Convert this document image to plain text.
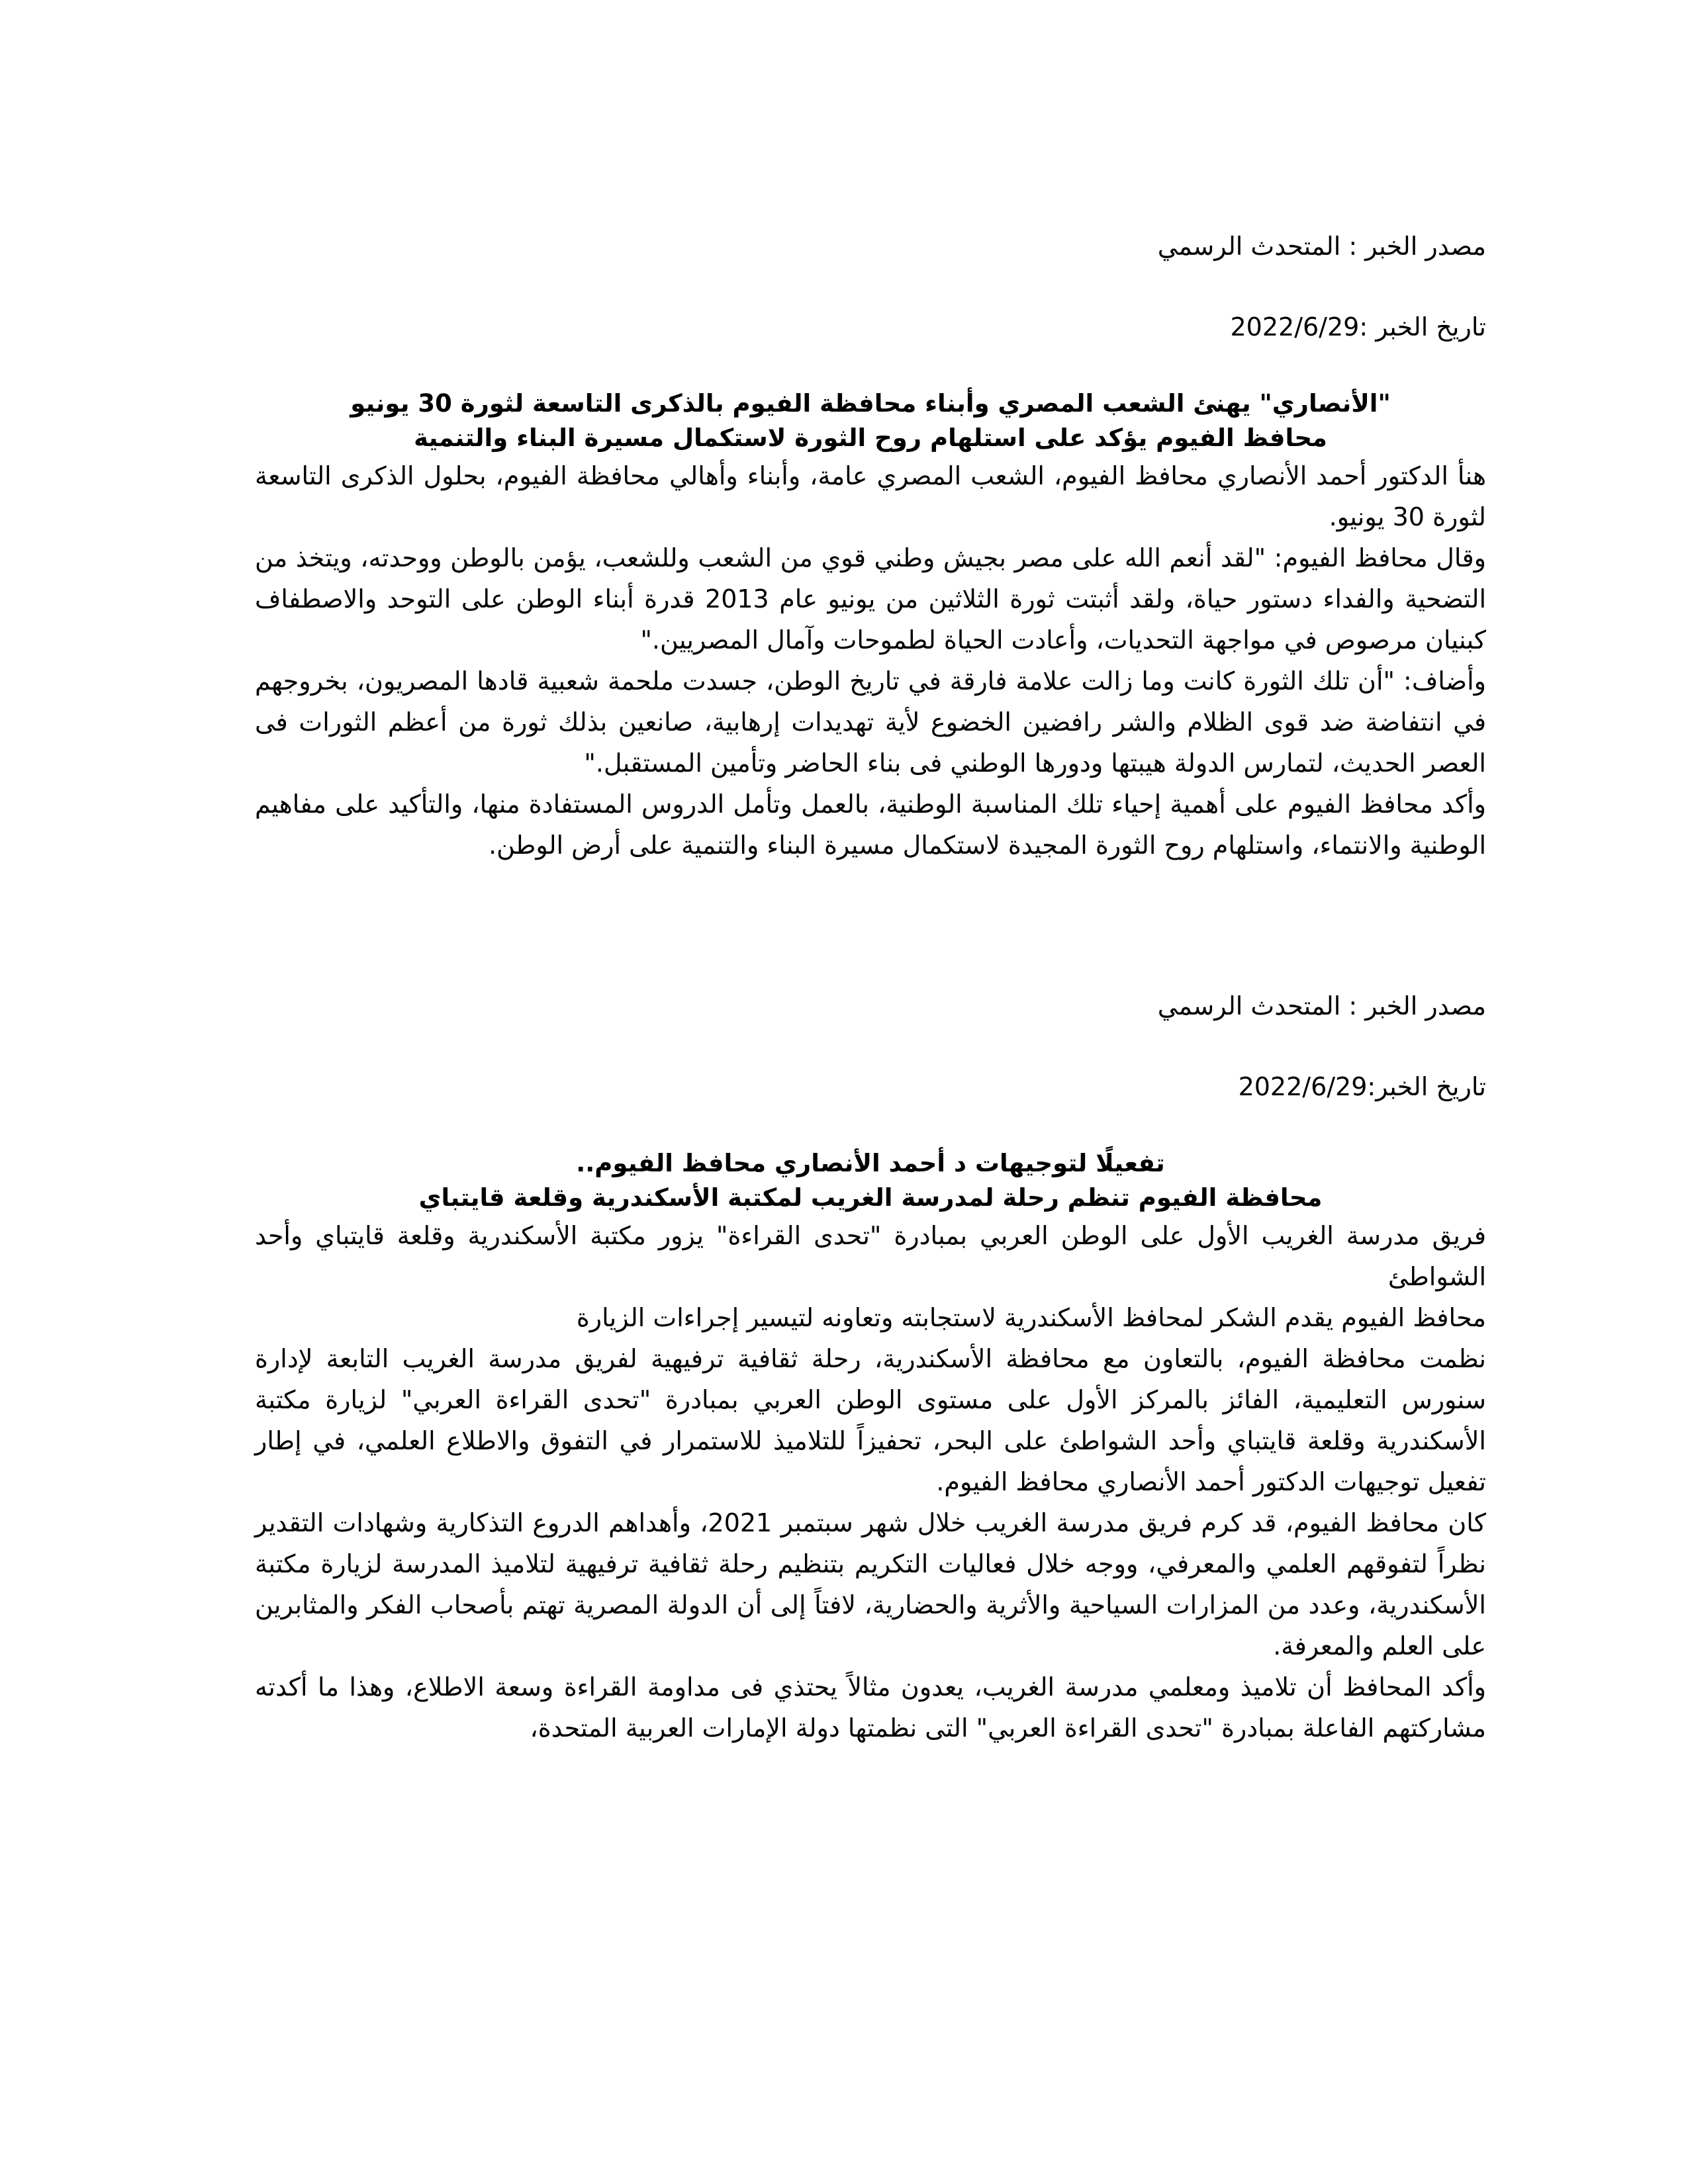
مصدر الخبر : المتحدث الرسمي

تاريخ الخبر :2022/6/29

"الأنصاري" يهنئ الشعب المصري وأبناء محافظة الفيوم بالذكرى التاسعة لثورة 30 يونيو

محافظ الفيوم يؤكد على استلهام روح الثورة لاستكمال مسيرة البناء والتنمية

هنأ الدكتور أحمد الأنصاري محافظ الفيوم، الشعب المصري عامة، وأبناء وأهالي محافظة الفيوم، بحلول الذكرى التاسعة لثورة 30 يونيو.

وقال محافظ الفيوم: "لقد أنعم الله على مصر بجيش وطني قوي من الشعب وللشعب، يؤمن بالوطن ووحدته، ويتخذ من التضحية والفداء دستور حياة، ولقد أثبتت ثورة الثلاثين من يونيو عام 2013 قدرة أبناء الوطن على التوحد والاصطفاف كبنيان مرصوص في مواجهة التحديات، وأعادت الحياة لطموحات وآمال المصريين."

وأضاف: "أن تلك الثورة كانت وما زالت علامة فارقة في تاريخ الوطن، جسدت ملحمة شعبية قادها المصريون، بخروجهم في انتفاضة ضد قوى الظلام والشر رافضين الخضوع لأية تهديدات إرهابية، صانعين بذلك ثورة من أعظم الثورات فى العصر الحديث، لتمارس الدولة هيبتها ودورها الوطني فى بناء الحاضر وتأمين المستقبل."

وأكد محافظ الفيوم على أهمية إحياء تلك المناسبة الوطنية، بالعمل وتأمل الدروس المستفادة منها، والتأكيد على مفاهيم الوطنية والانتماء، واستلهام روح الثورة المجيدة لاستكمال مسيرة البناء والتنمية على أرض الوطن.

مصدر الخبر : المتحدث الرسمي

تاريخ الخبر:2022/6/29

تفعيلًا لتوجيهات د أحمد الأنصاري محافظ الفيوم..

محافظة الفيوم تنظم رحلة لمدرسة الغريب لمكتبة الأسكندرية وقلعة قايتباي

فريق مدرسة الغريب الأول على الوطن العربي بمبادرة "تحدى القراءة" يزور مكتبة الأسكندرية وقلعة قايتباي وأحد الشواطئ

محافظ الفيوم يقدم الشكر لمحافظ الأسكندرية لاستجابته وتعاونه لتيسير إجراءات الزيارة

نظمت محافظة الفيوم، بالتعاون مع محافظة الأسكندرية، رحلة ثقافية ترفيهية لفريق مدرسة الغريب التابعة لإدارة سنورس التعليمية، الفائز بالمركز الأول على مستوى الوطن العربي بمبادرة "تحدى القراءة العربي" لزيارة مكتبة الأسكندرية وقلعة قايتباي وأحد الشواطئ على البحر، تحفيزاً للتلاميذ للاستمرار في التفوق والاطلاع العلمي، في إطار تفعيل توجيهات الدكتور أحمد الأنصاري محافظ الفيوم.

كان محافظ الفيوم، قد كرم فريق مدرسة الغريب خلال شهر سبتمبر 2021، وأهداهم الدروع التذكارية وشهادات التقدير نظراً لتفوقهم العلمي والمعرفي، ووجه خلال فعاليات التكريم بتنظيم رحلة ثقافية ترفيهية لتلاميذ المدرسة لزيارة مكتبة الأسكندرية، وعدد من المزارات السياحية والأثرية والحضارية، لافتاً إلى أن الدولة المصرية تهتم بأصحاب الفكر والمثابرين على العلم والمعرفة.

وأكد المحافظ أن تلاميذ ومعلمي مدرسة الغريب، يعدون مثالاً يحتذي فى مداومة القراءة وسعة الاطلاع، وهذا ما أكدته مشاركتهم الفاعلة بمبادرة "تحدى القراءة العربي" التى نظمتها دولة الإمارات العربية المتحدة،
